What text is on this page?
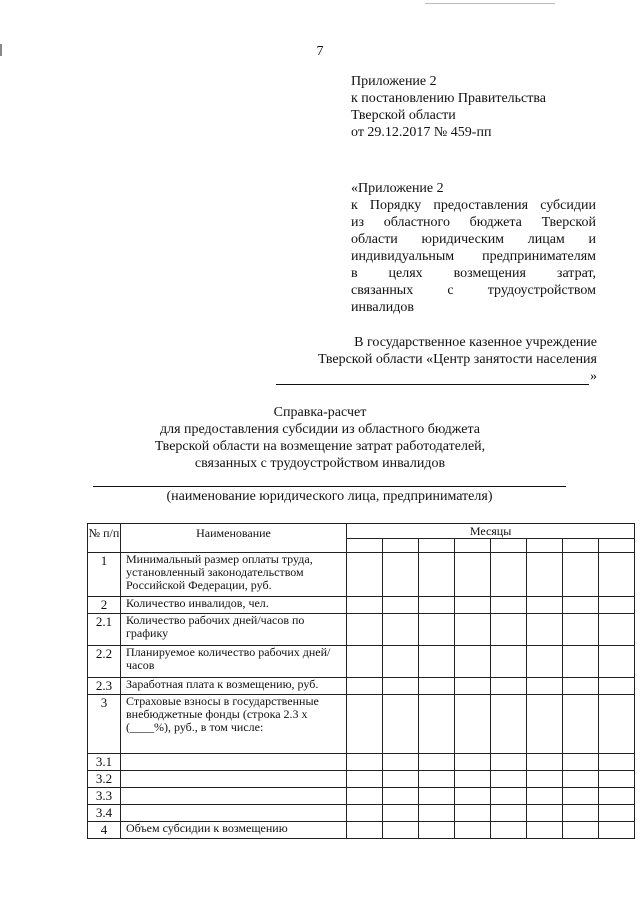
7
Приложение 2
к постановлению Правительства
Тверской области
от 29.12.2017 № 459-пп
«Приложение 2
к Порядку предоставления субсидии
из областного бюджета Тверской
области юридическим лицам и
индивидуальным предпринимателям
в целях возмещения затрат,
связанных с трудоустройством
инвалидов
В государственное казенное учреждение
Тверской области «Центр занятости населения
»
Справка-расчет
для предоставления субсидии из областного бюджета
Тверской области на возмещение затрат работодателей,
связанных с трудоустройством инвалидов
(наименование юридического лица, предпринимателя)
№ п/п	Наименование	Месяцы							

1	Минимальный размер оплаты труда, установленный законодательством Российской Федерации, руб.								
2	Количество инвалидов, чел.								
2.1	Количество рабочих дней/часов по графику								
2.2	Планируемое количество рабочих дней/часов								
2.3	Заработная плата к возмещению, руб.								
3	Страховые взносы в государственные внебюджетные фонды (строка 2.3 х (____%), руб., в том числе:								
3.1									
3.2									
3.3									
3.4									
4	Объем субсидии к возмещению								
